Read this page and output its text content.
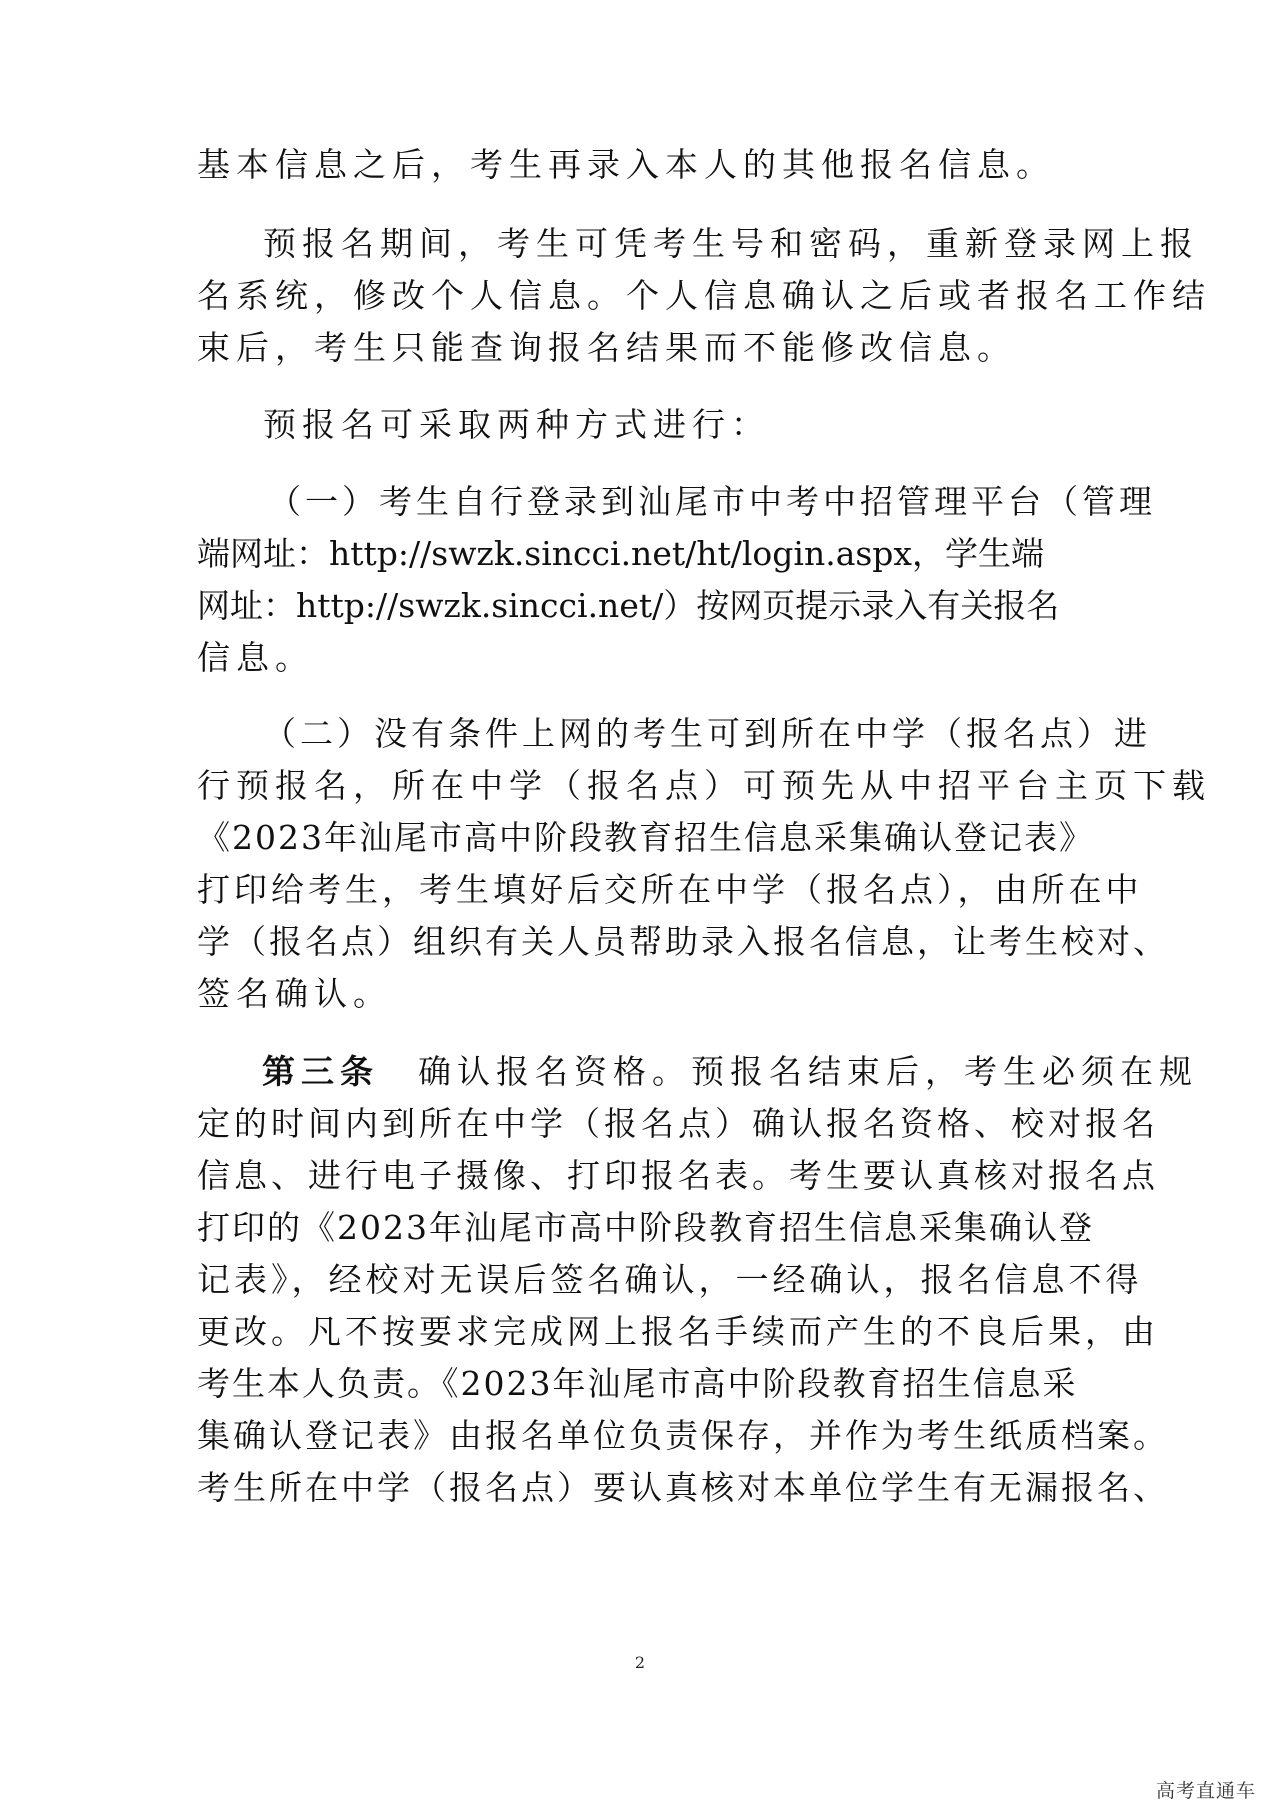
基本信息之后，考生再录入本人的其他报名信息。
预报名期间，考生可凭考生号和密码，重新登录网上报
名系统，修改个人信息。个人信息确认之后或者报名工作结
束后，考生只能查询报名结果而不能修改信息。
预报名可采取两种方式进行：
（一）考生自行登录到汕尾市中考中招管理平台（管理
端网址：http://swzk.sincci.net/ht/login.aspx，学生端
网址：http://swzk.sincci.net/）按网页提示录入有关报名
信息。
（二）没有条件上网的考生可到所在中学（报名点）进
行预报名，所在中学（报名点）可预先从中招平台主页下载
《2023年汕尾市高中阶段教育招生信息采集确认登记表》
打印给考生，考生填好后交所在中学（报名点），由所在中
学（报名点）组织有关人员帮助录入报名信息，让考生校对、
签名确认。
第三条  确认报名资格。预报名结束后，考生必须在规
定的时间内到所在中学（报名点）确认报名资格、校对报名
信息、进行电子摄像、打印报名表。考生要认真核对报名点
打印的《2023年汕尾市高中阶段教育招生信息采集确认登
记表》，经校对无误后签名确认，一经确认，报名信息不得
更改。凡不按要求完成网上报名手续而产生的不良后果，由
考生本人负责。《2023年汕尾市高中阶段教育招生信息采
集确认登记表》由报名单位负责保存，并作为考生纸质档案。
考生所在中学（报名点）要认真核对本单位学生有无漏报名、
2
高考直通车
